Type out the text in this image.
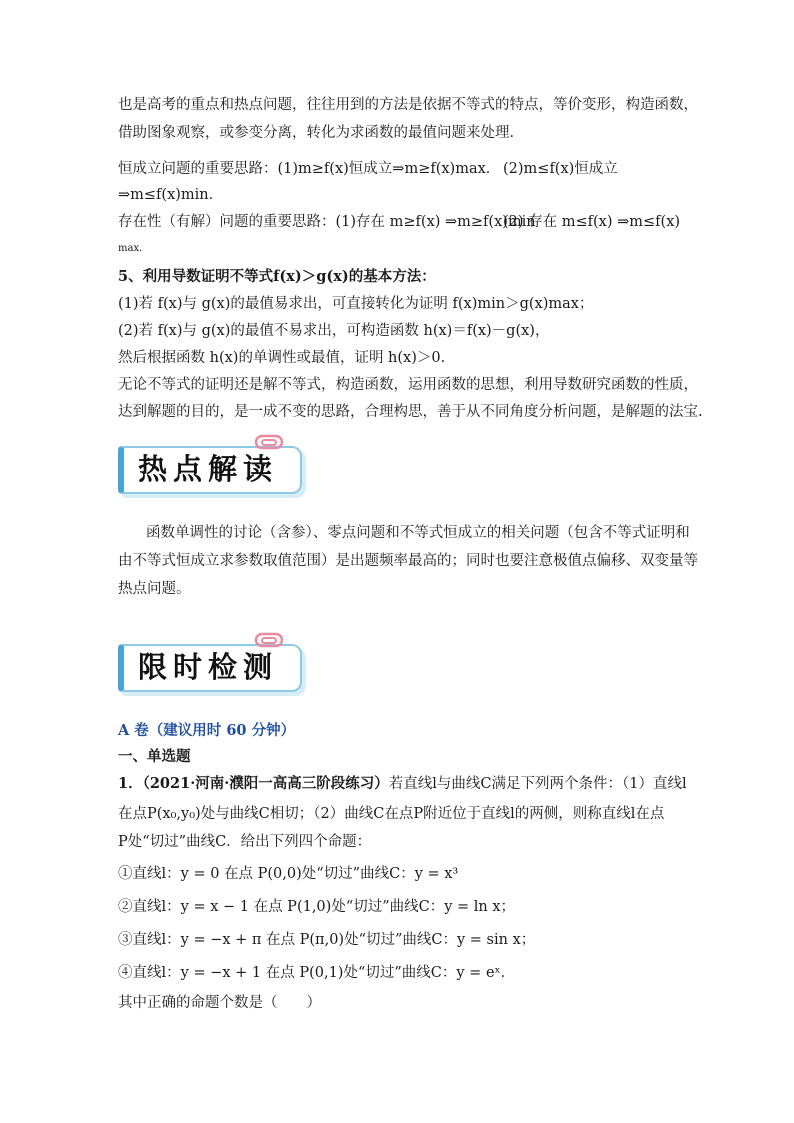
也是高考的重点和热点问题，往往用到的方法是依据不等式的特点，等价变形，构造函数，
借助图象观察，或参变分离，转化为求函数的最值问题来处理．
恒成立问题的重要思路：(1)m≥f(x)恒成立⇒m≥f(x)max． (2)m≤f(x)恒成立
⇒m≤f(x)min．
存在性（有解）问题的重要思路：(1)存在 m≥f(x) ⇒m≥f(x)min
(2) 存在 m≤f(x) ⇒m≤f(x)
max．
5、利用导数证明不等式f(x)＞g(x)的基本方法：
(1)若 f(x)与 g(x)的最值易求出，可直接转化为证明 f(x)min＞g(x)max；
(2)若 f(x)与 g(x)的最值不易求出，可构造函数 h(x)＝f(x)－g(x)，
然后根据函数 h(x)的单调性或最值，证明 h(x)＞0.
无论不等式的证明还是解不等式，构造函数，运用函数的思想，利用导数研究函数的性质，
达到解题的目的，是一成不变的思路，合理构思，善于从不同角度分析问题，是解题的法宝.
热点解读
函数单调性的讨论（含参）、零点问题和不等式恒成立的相关问题（包含不等式证明和
由不等式恒成立求参数取值范围）是出题频率最高的；同时也要注意极值点偏移、双变量等
热点问题。
限时检测
A 卷（建议用时 60 分钟）
一、单选题
1．（2021·河南·濮阳一高高三阶段练习）若直线l与曲线C满足下列两个条件：（1）直线l
在点P(x₀,y₀)处与曲线C相切；（2）曲线C在点P附近位于直线l的两侧，则称直线l在点
P处“切过”曲线C．给出下列四个命题：
①直线l：y = 0 在点 P(0,0)处“切过”曲线C：y = x³
②直线l：y = x − 1 在点 P(1,0)处“切过”曲线C：y = ln x；
③直线l：y = −x + π 在点 P(π,0)处“切过”曲线C：y = sin x；
④直线l：y = −x + 1 在点 P(0,1)处“切过”曲线C：y = eˣ．
其中正确的命题个数是（　　）
